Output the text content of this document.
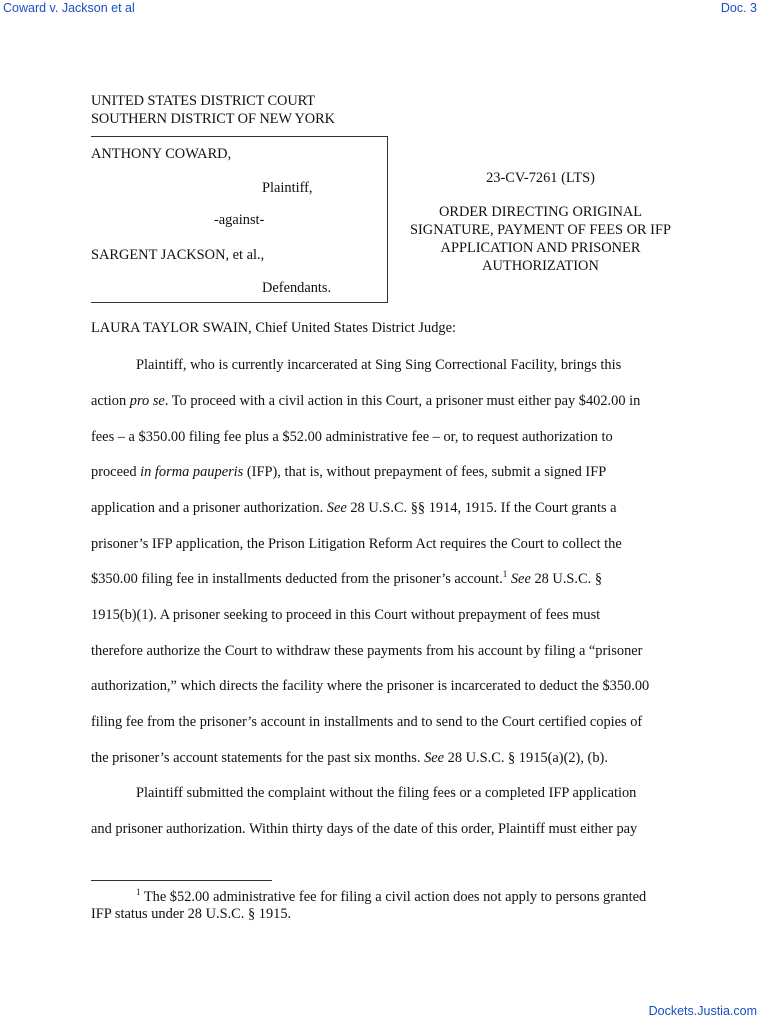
Coward v. Jackson et al	Doc. 3
UNITED STATES DISTRICT COURT
SOUTHERN DISTRICT OF NEW YORK
ANTHONY COWARD,
Plaintiff,
-against-
SARGENT JACKSON, et al.,
Defendants.
23-CV-7261 (LTS)
ORDER DIRECTING ORIGINAL
SIGNATURE, PAYMENT OF FEES OR IFP
APPLICATION AND PRISONER
AUTHORIZATION
LAURA TAYLOR SWAIN, Chief United States District Judge:
Plaintiff, who is currently incarcerated at Sing Sing Correctional Facility, brings this
action pro se. To proceed with a civil action in this Court, a prisoner must either pay $402.00 in
fees – a $350.00 filing fee plus a $52.00 administrative fee – or, to request authorization to
proceed in forma pauperis (IFP), that is, without prepayment of fees, submit a signed IFP
application and a prisoner authorization. See 28 U.S.C. §§ 1914, 1915. If the Court grants a
prisoner’s IFP application, the Prison Litigation Reform Act requires the Court to collect the
$350.00 filing fee in installments deducted from the prisoner’s account.$^1$ See 28 U.S.C. §
1915(b)(1). A prisoner seeking to proceed in this Court without prepayment of fees must
therefore authorize the Court to withdraw these payments from his account by filing a “prisoner
authorization,” which directs the facility where the prisoner is incarcerated to deduct the $350.00
filing fee from the prisoner’s account in installments and to send to the Court certified copies of
the prisoner’s account statements for the past six months. See 28 U.S.C. § 1915(a)(2), (b).
Plaintiff submitted the complaint without the filing fees or a completed IFP application
and prisoner authorization. Within thirty days of the date of this order, Plaintiff must either pay
$^1$ The $52.00 administrative fee for filing a civil action does not apply to persons granted
IFP status under 28 U.S.C. § 1915.
Dockets.Justia.com
